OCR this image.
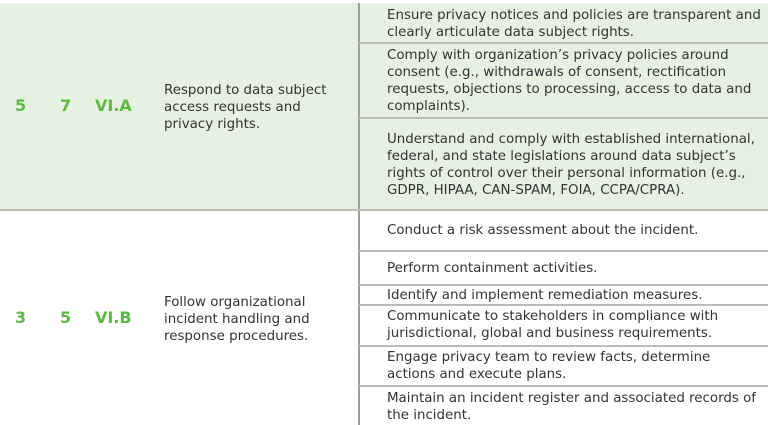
5 7 VI.A
Respond to data subject access requests and privacy rights.
Ensure privacy notices and policies are transparent and clearly articulate data subject rights.
Comply with organization’s privacy policies around consent (e.g., withdrawals of consent, rectification requests, objections to processing, access to data and complaints).
Understand and comply with established international, federal, and state legislations around data subject’s rights of control over their personal information (e.g., GDPR, HIPAA, CAN-SPAM, FOIA, CCPA/CPRA).
3 5 VI.B
Follow organizational incident handling and response procedures.
Conduct a risk assessment about the incident.
Perform containment activities.
Identify and implement remediation measures.
Communicate to stakeholders in compliance with jurisdictional, global and business requirements.
Engage privacy team to review facts, determine actions and execute plans.
Maintain an incident register and associated records of the incident.
